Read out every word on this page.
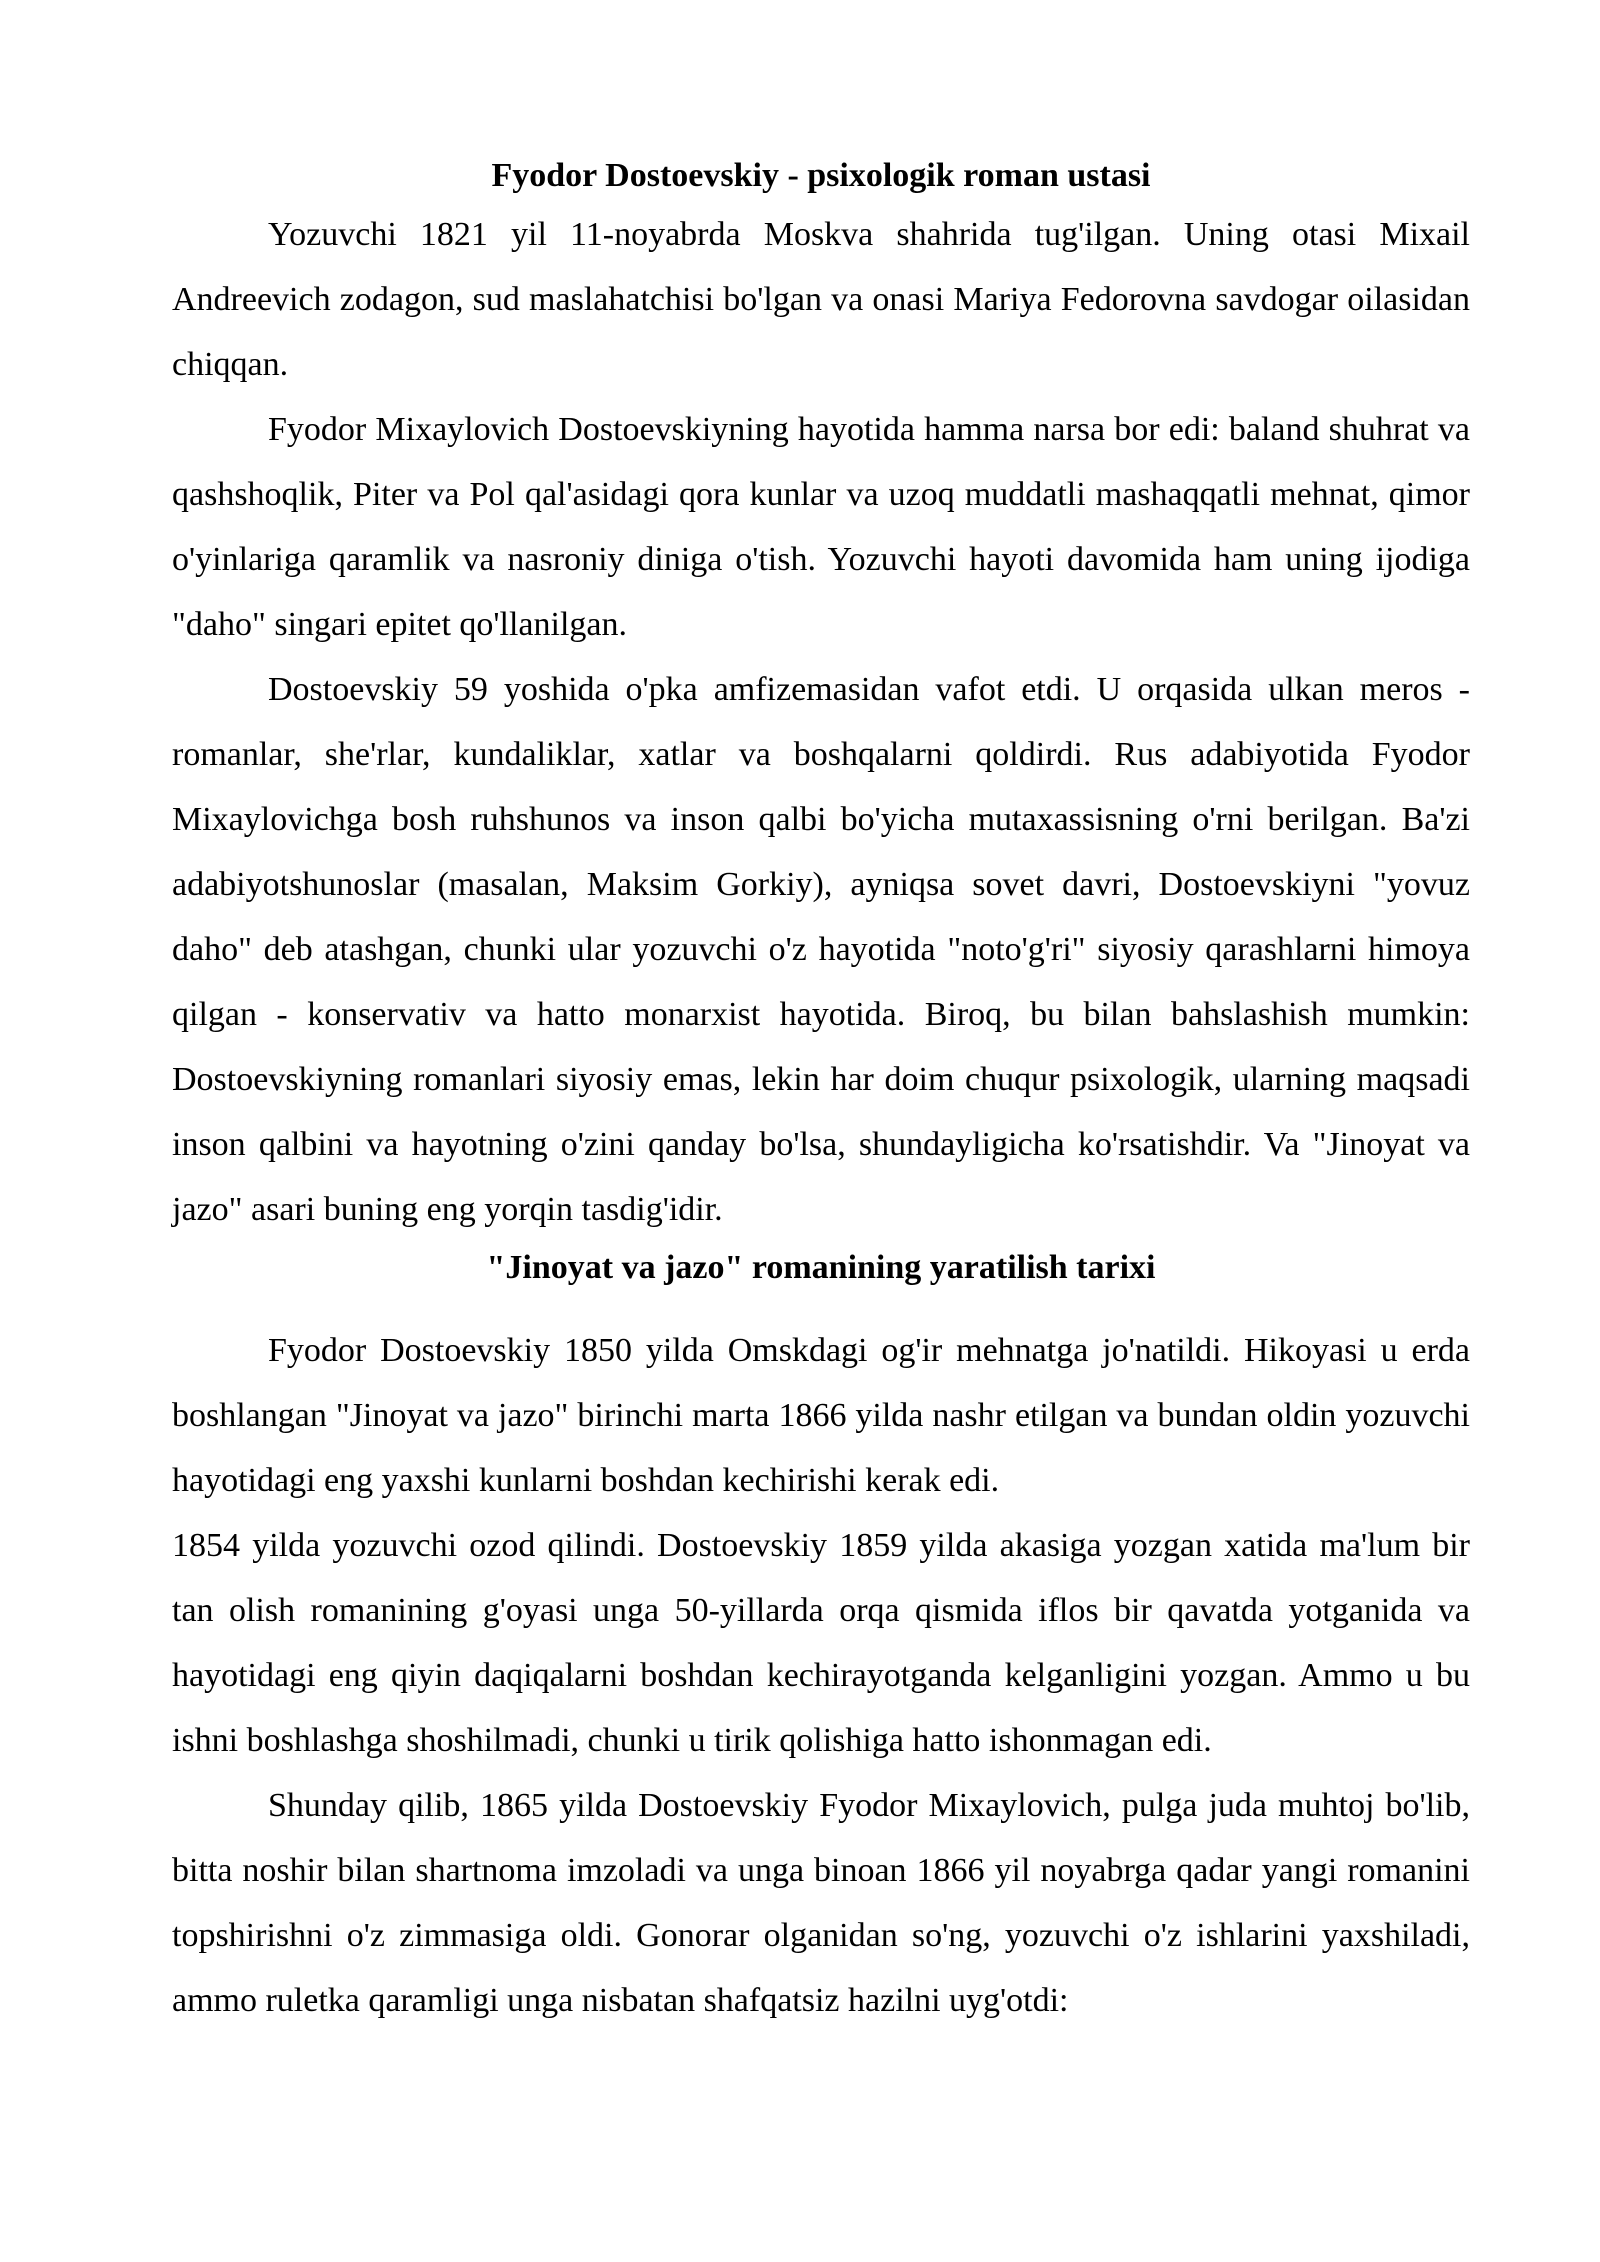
Fyodor Dostoevskiy - psixologik roman ustasi

Yozuvchi 1821 yil 11-noyabrda Moskva shahrida tug'ilgan. Uning otasi Mixail Andreevich zodagon, sud maslahatchisi bo'lgan va onasi Mariya Fedorovna savdogar oilasidan chiqqan.

Fyodor Mixaylovich Dostoevskiyning hayotida hamma narsa bor edi: baland shuhrat va qashshoqlik, Piter va Pol qal'asidagi qora kunlar va uzoq muddatli mashaqqatli mehnat, qimor o'yinlariga qaramlik va nasroniy diniga o'tish. Yozuvchi hayoti davomida ham uning ijodiga "daho" singari epitet qo'llanilgan.

Dostoevskiy 59 yoshida o'pka amfizemasidan vafot etdi. U orqasida ulkan meros - romanlar, she'rlar, kundaliklar, xatlar va boshqalarni qoldirdi. Rus adabiyotida Fyodor Mixaylovichga bosh ruhshunos va inson qalbi bo'yicha mutaxassisning o'rni berilgan. Ba'zi adabiyotshunoslar (masalan, Maksim Gorkiy), ayniqsa sovet davri, Dostoevskiyni "yovuz daho" deb atashgan, chunki ular yozuvchi o'z hayotida "noto'g'ri" siyosiy qarashlarni himoya qilgan - konservativ va hatto monarxist hayotida. Biroq, bu bilan bahslashish mumkin: Dostoevskiyning romanlari siyosiy emas, lekin har doim chuqur psixologik, ularning maqsadi inson qalbini va hayotning o'zini qanday bo'lsa, shundayligicha ko'rsatishdir. Va "Jinoyat va jazo" asari buning eng yorqin tasdig'idir.

"Jinoyat va jazo" romanining yaratilish tarixi

Fyodor Dostoevskiy 1850 yilda Omskdagi og'ir mehnatga jo'natildi. Hikoyasi u erda boshlangan "Jinoyat va jazo" birinchi marta 1866 yilda nashr etilgan va bundan oldin yozuvchi hayotidagi eng yaxshi kunlarni boshdan kechirishi kerak edi.

1854 yilda yozuvchi ozod qilindi. Dostoevskiy 1859 yilda akasiga yozgan xatida ma'lum bir tan olish romanining g'oyasi unga 50-yillarda orqa qismida iflos bir qavatda yotganida va hayotidagi eng qiyin daqiqalarni boshdan kechirayotganda kelganligini yozgan. Ammo u bu ishni boshlashga shoshilmadi, chunki u tirik qolishiga hatto ishonmagan edi.

Shunday qilib, 1865 yilda Dostoevskiy Fyodor Mixaylovich, pulga juda muhtoj bo'lib, bitta noshir bilan shartnoma imzoladi va unga binoan 1866 yil noyabrga qadar yangi romanini topshirishni o'z zimmasiga oldi. Gonorar olganidan so'ng, yozuvchi o'z ishlarini yaxshiladi, ammo ruletka qaramligi unga nisbatan shafqatsiz hazilni uyg'otdi:
